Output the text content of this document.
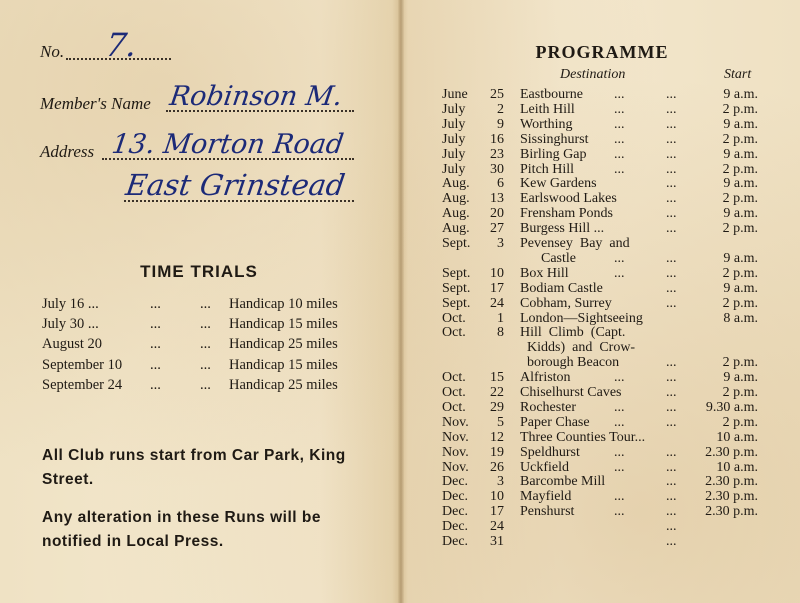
No. 7.
Member's Name Robinson M.
Address 13. Morton Road
East Grinstead
TIME TRIALS
July 16 ...	...	... Handicap 10 miles
July 30 ...	...	... Handicap 15 miles
August 20	...	... Handicap 25 miles
September 10 ...	... Handicap 15 miles
September 24 ...	... Handicap 25 miles
All Club runs start from Car Park, King Street.
Any alteration in these Runs will be notified in Local Press.
PROGRAMME
Destination	Start
June	25 Eastbourne ...	...	9 a.m.
July	2 Leith Hill	...	...	2 p.m.
July	9 Worthing	...	...	9 a.m.
July	16 Sissinghurst ...	...	2 p.m.
July	23 Birling Gap ...	...	9 a.m.
July	30 Pitch Hill	...	...	2 p.m.
Aug.	6 Kew Gardens	...	9 a.m.
Aug.	13 Earlswood Lakes	...	2 p.m.
Aug.	20 Frensham Ponds	...	9 a.m.
Aug.	27 Burgess Hill ...	...	2 p.m.
Sept.	3 Pevensey  Bay  and
Castle	...	...	9 a.m.
Sept.	10 Box Hill	...	...	2 p.m.
Sept.	17 Bodiam Castle	...	9 a.m.
Sept.	24 Cobham, Surrey	...	2 p.m.
Oct.	1 London—Sightseeing	8 a.m.
Oct.	8 Hill  Climb  (Capt.
Kidds)  and  Crow-
borough Beacon	...	2 p.m.
Oct.	15 Alfriston	...	...	9 a.m.
Oct.	22 Chiselhurst Caves	...	2 p.m.
Oct.	29 Rochester	...	...	9.30 a.m.
Nov.	5 Paper Chase ...	...	2 p.m.
Nov.	12 Three Counties Tour...	10 a.m.
Nov.	19 Speldhurst ...	...	2.30 p.m.
Nov.	26 Uckfield	...	...	10 a.m.
Dec.	3 Barcombe Mill	...	2.30 p.m.
Dec.	10 Mayfield	...	...	2.30 p.m.
Dec.	17 Penshurst	...	...	2.30 p.m.
Dec.	24	...
Dec.	31	...
